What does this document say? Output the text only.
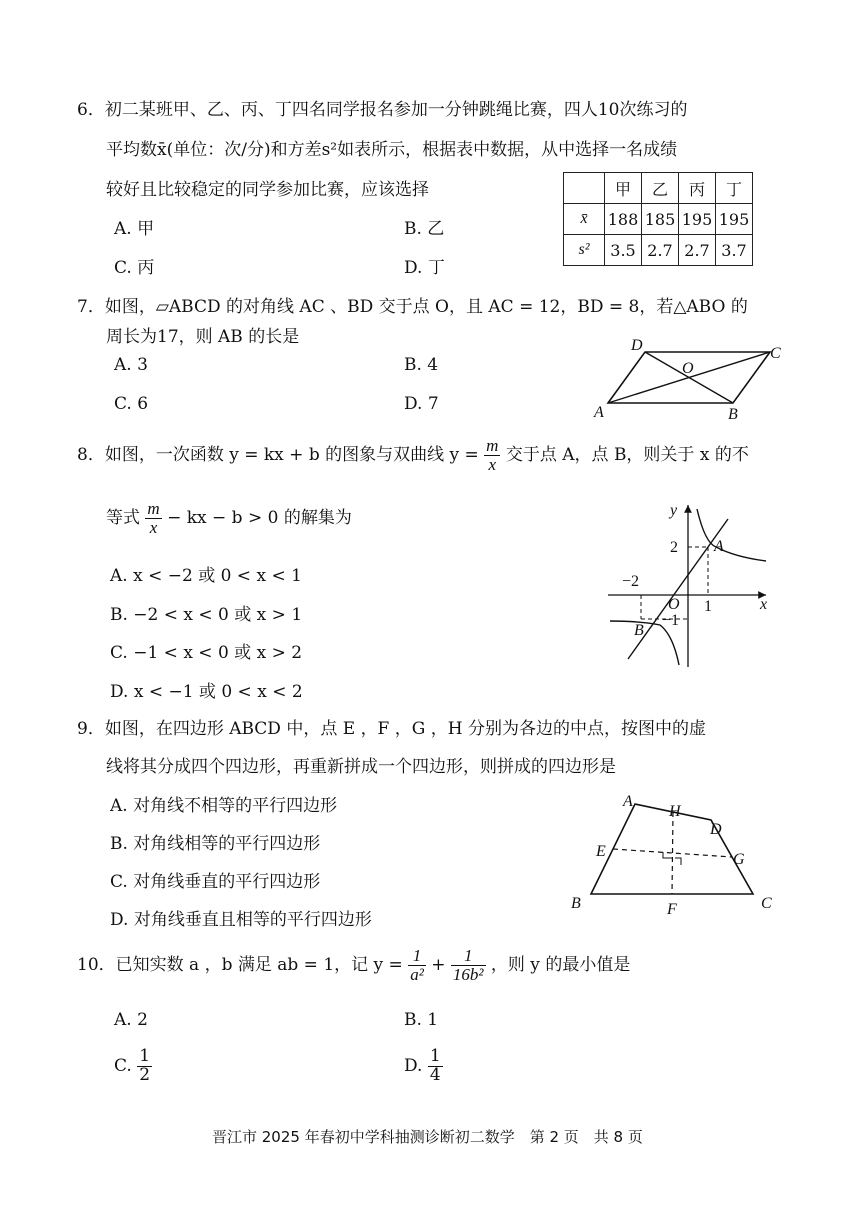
6．初二某班甲、乙、丙、丁四名同学报名参加一分钟跳绳比赛，四人10次练习的
平均数x̄(单位：次/分)和方差s²如表所示，根据表中数据，从中选择一名成绩
较好且比较稳定的同学参加比赛，应该选择
A. 甲	B. 乙
C. 丙	D. 丁
	甲	乙	丙	丁
x̄	188	185	195	195
s²	3.5	2.7	2.7	3.7
7．如图，▱ABCD 的对角线 AC 、BD 交于点 O，且 AC = 12，BD = 8，若△ABO 的
周长为17，则 AB 的长是
A. 3	B. 4
C. 6	D. 7
D	C
O
A	B
8．如图，一次函数 y = kx + b 的图象与双曲线 $y = \frac{m}{x}$ 交于点 A，点 B，则关于 x 的不
等式 $\frac{m}{x}$ − kx − b > 0 的解集为
A. x < −2 或 0 < x < 1
B. −2 < x < 0 或 x > 1
C. −1 < x < 0 或 x > 2
D. x < −1 或 0 < x < 2
y
x
O
2
−2
1
−1
A
B
9．如图，在四边形 ABCD 中，点 E ，F ，G ，H 分别为各边的中点，按图中的虚
线将其分成四个四边形，再重新拼成一个四边形，则拼成的四边形是
A. 对角线不相等的平行四边形
B. 对角线相等的平行四边形
C. 对角线垂直的平行四边形
D. 对角线垂直且相等的平行四边形
A
H
D
E	G
B	F	C
10．已知实数 a ，b 满足 ab = 1，记 $y = \frac{1}{\text{a²}} + \frac{1}{\text{16b²}}$ ，则 y 的最小值是
A. 2	B. 1
C. $\frac{1}{2}$	D. $\frac{1}{4}$
晋江市 2025 年春初中学科抽测诊断初二数学　第 2 页　共 8 页
